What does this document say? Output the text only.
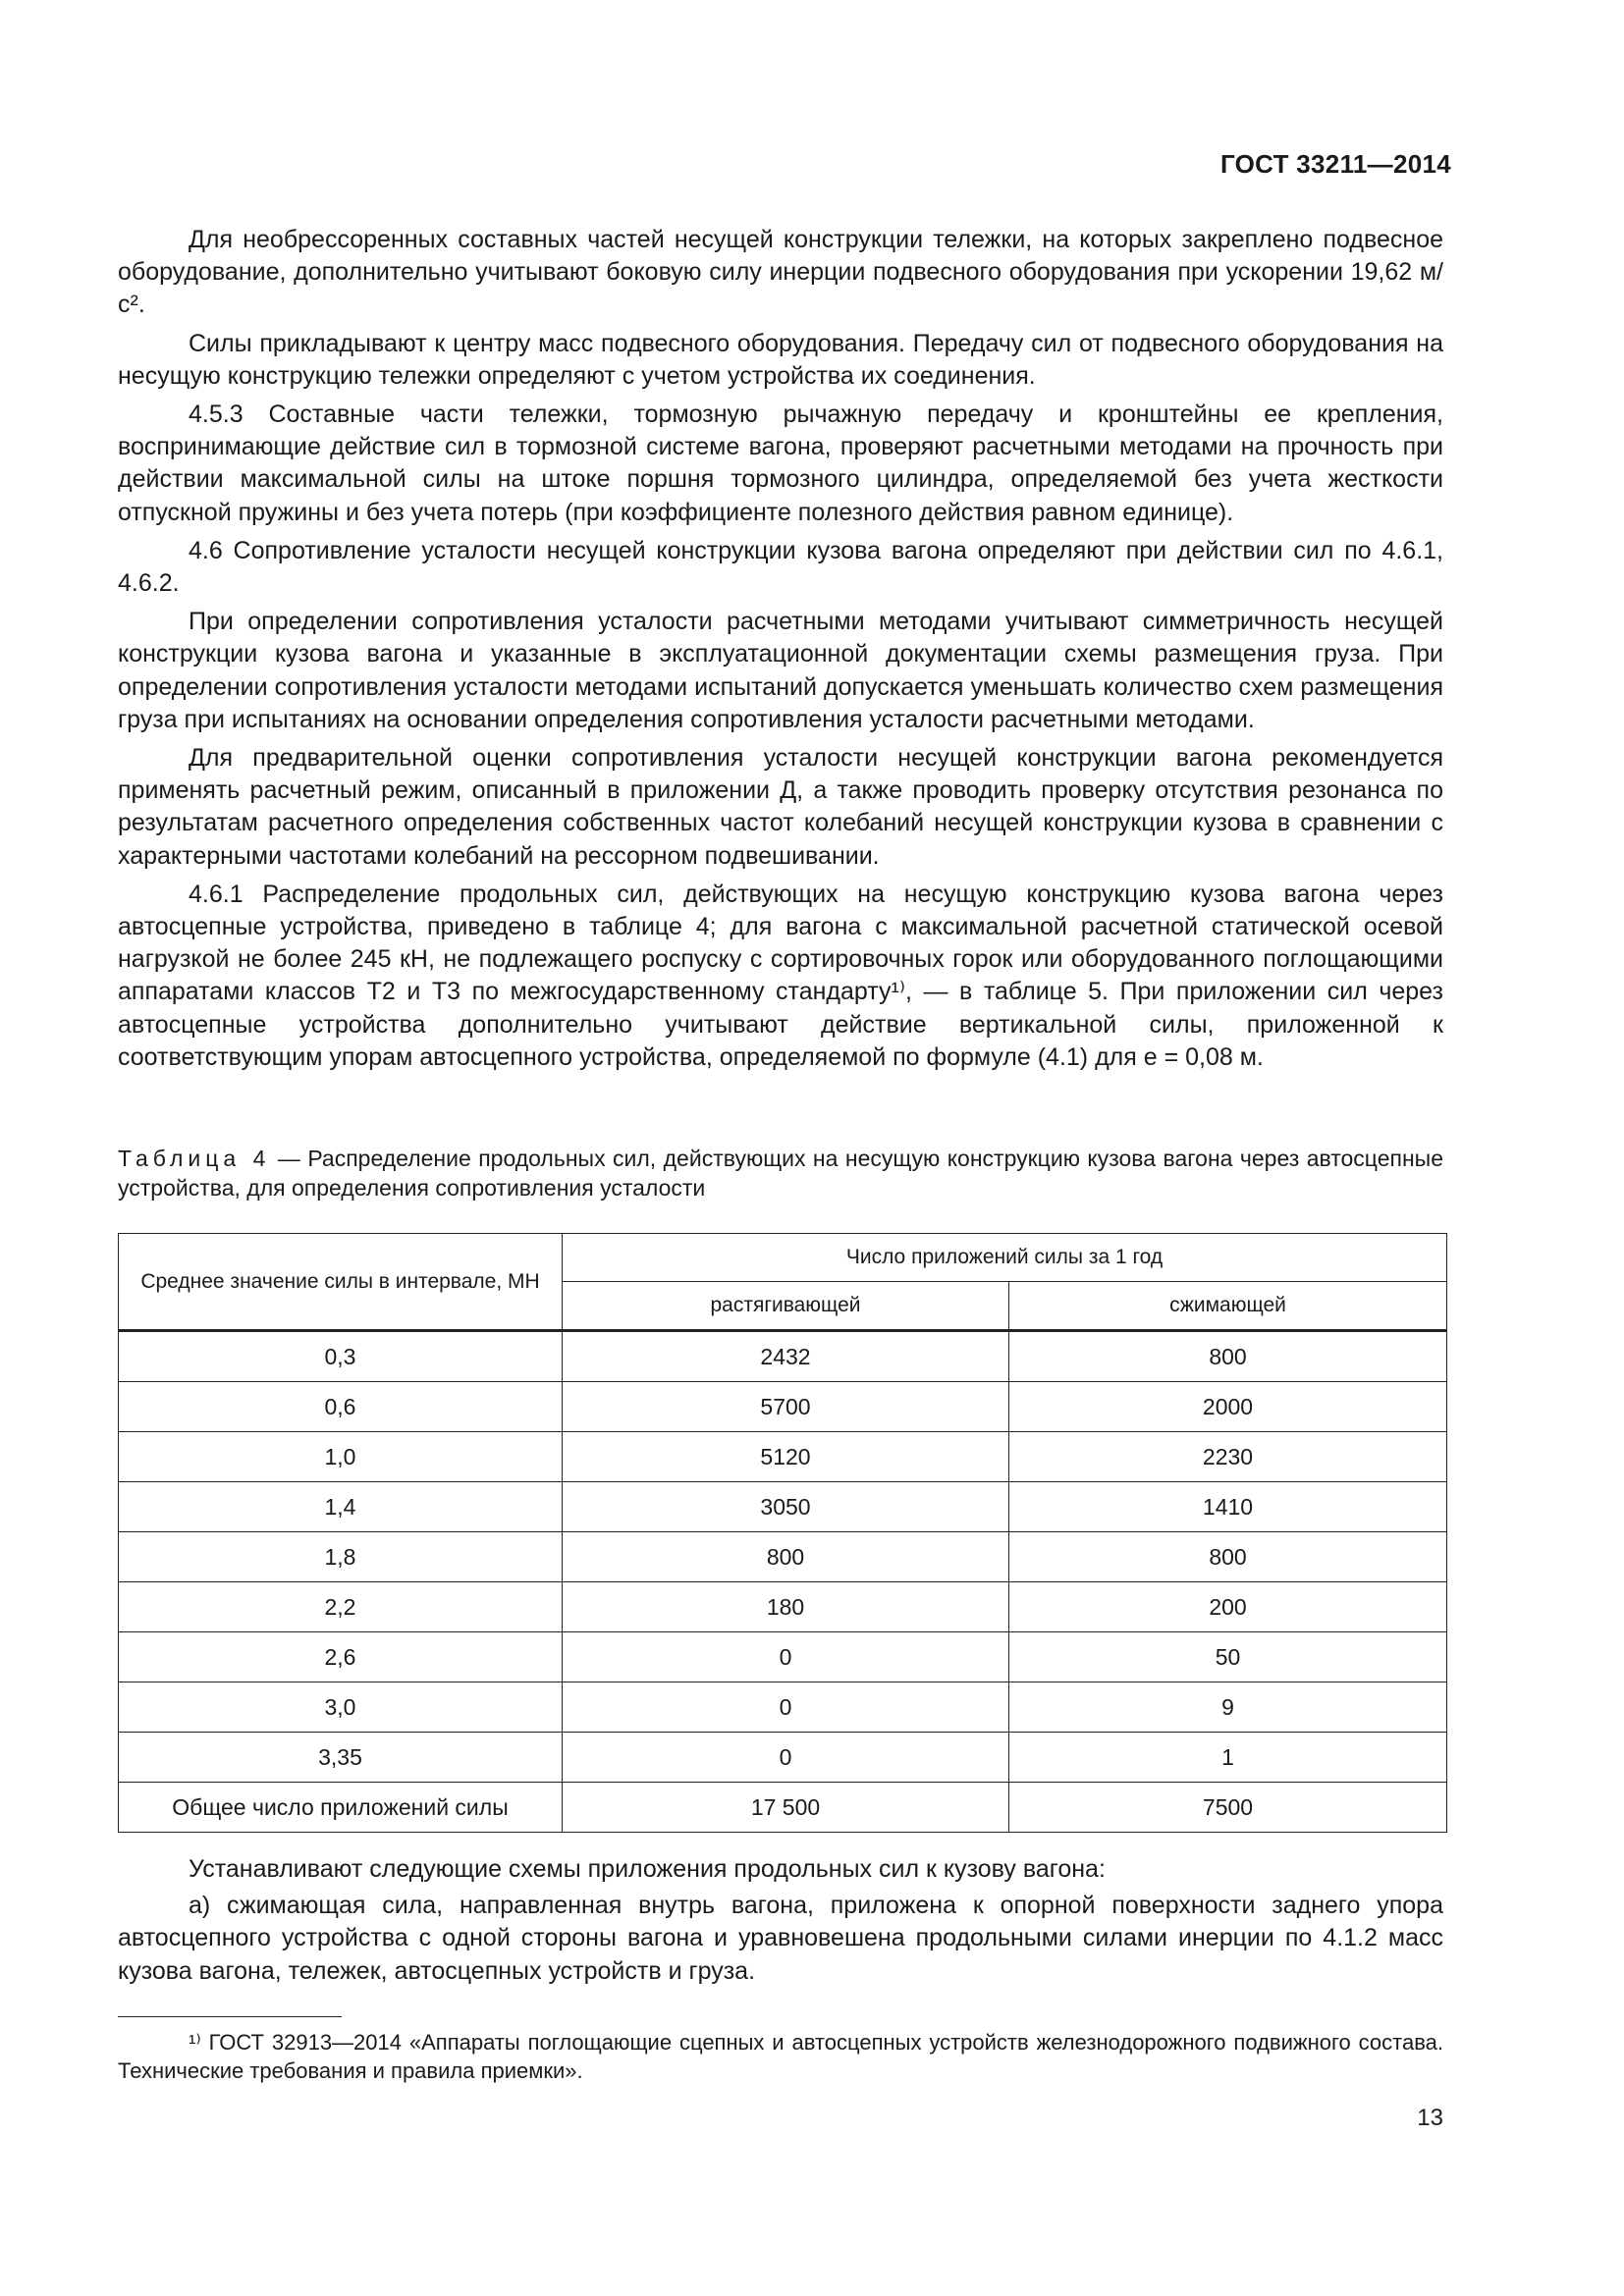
ГОСТ 33211—2014

Для необрессоренных составных частей несущей конструкции тележки, на которых закреплено подвесное оборудование, дополнительно учитывают боковую силу инерции подвесного оборудования при ускорении 19,62 м/с².

Силы прикладывают к центру масс подвесного оборудования. Передачу сил от подвесного оборудования на несущую конструкцию тележки определяют с учетом устройства их соединения.

4.5.3 Составные части тележки, тормозную рычажную передачу и кронштейны ее крепления, воспринимающие действие сил в тормозной системе вагона, проверяют расчетными методами на прочность при действии максимальной силы на штоке поршня тормозного цилиндра, определяемой без учета жесткости отпускной пружины и без учета потерь (при коэффициенте полезного действия равном единице).

4.6 Сопротивление усталости несущей конструкции кузова вагона определяют при действии сил по 4.6.1, 4.6.2.

При определении сопротивления усталости расчетными методами учитывают симметричность несущей конструкции кузова вагона и указанные в эксплуатационной документации схемы размещения груза. При определении сопротивления усталости методами испытаний допускается уменьшать количество схем размещения груза при испытаниях на основании определения сопротивления усталости расчетными методами.

Для предварительной оценки сопротивления усталости несущей конструкции вагона рекомендуется применять расчетный режим, описанный в приложении Д, а также проводить проверку отсутствия резонанса по результатам расчетного определения собственных частот колебаний несущей конструкции кузова в сравнении с характерными частотами колебаний на рессорном подвешивании.

4.6.1 Распределение продольных сил, действующих на несущую конструкцию кузова вагона через автосцепные устройства, приведено в таблице 4; для вагона с максимальной расчетной статической осевой нагрузкой не более 245 кН, не подлежащего роспуску с сортировочных горок или оборудованного поглощающими аппаратами классов Т2 и Т3 по межгосударственному стандарту¹⁾, — в таблице 5. При приложении сил через автосцепные устройства дополнительно учитывают действие вертикальной силы, приложенной к соответствующим упорам автосцепного устройства, определяемой по формуле (4.1) для e = 0,08 м.

Таблица 4 — Распределение продольных сил, действующих на несущую конструкцию кузова вагона через автосцепные устройства, для определения сопротивления усталости
Среднее значение силы в интервале, МН	Число приложений силы за 1 год	
	растягивающей	сжимающей
0,3	2432	800
0,6	5700	2000
1,0	5120	2230
1,4	3050	1410
1,8	800	800
2,2	180	200
2,6	0	50
3,0	0	9
3,35	0	1
Общее число приложений силы	17 500	7500

Устанавливают следующие схемы приложения продольных сил к кузову вагона:

а) сжимающая сила, направленная внутрь вагона, приложена к опорной поверхности заднего упора автосцепного устройства с одной стороны вагона и уравновешена продольными силами инерции по 4.1.2 масс кузова вагона, тележек, автосцепных устройств и груза.

¹⁾ ГОСТ 32913—2014 «Аппараты поглощающие сцепных и автосцепных устройств железнодорожного подвижного состава. Технические требования и правила приемки».
13
